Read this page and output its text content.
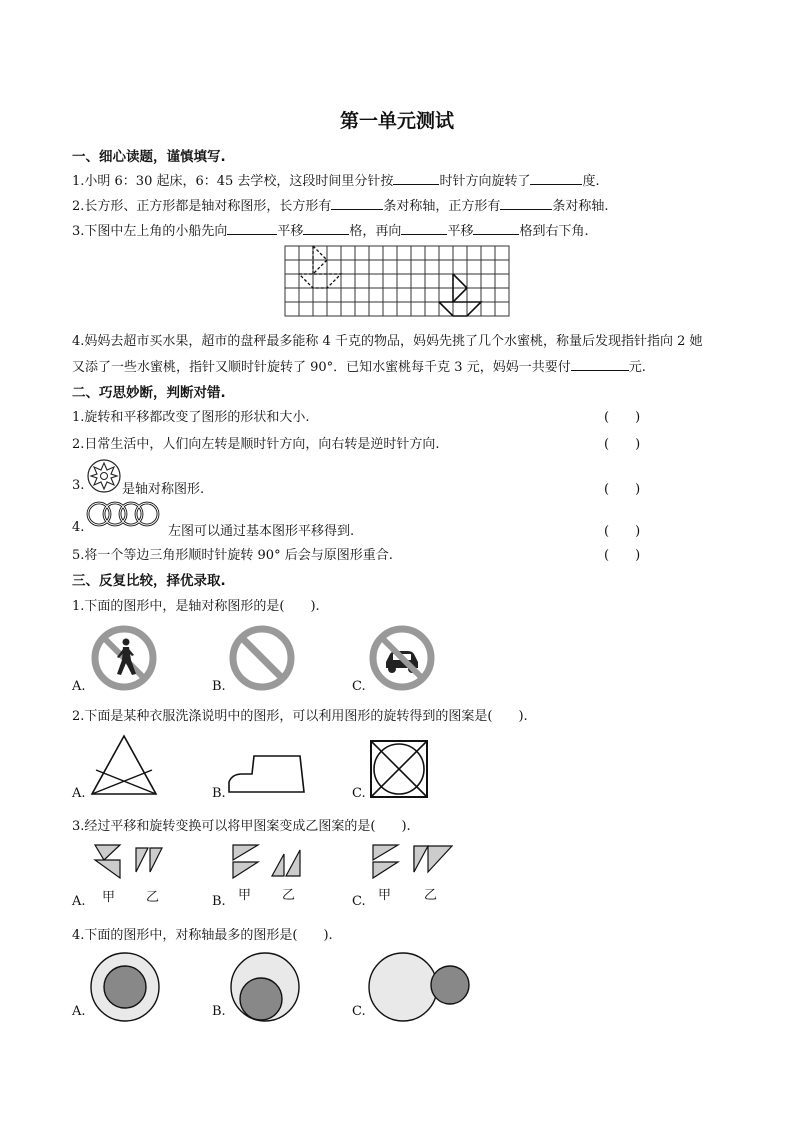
第一单元测试
一、细心读题，谨慎填写.
1.小明 6：30 起床，6：45 去学校，这段时间里分针按	时针方向旋转了	度.
2.长方形、正方形都是轴对称图形，长方形有	条对称轴，正方形有	条对称轴.
3.下图中左上角的小船先向	平移	格，再向	平移	格到右下角.
4.妈妈去超市买水果，超市的盘秤最多能称 4 千克的物品，妈妈先挑了几个水蜜桃，称量后发现指针指向 2 她
又添了一些水蜜桃，指针又顺时针旋转了 90°．已知水蜜桃每千克 3 元，妈妈一共要付	元.
二、巧思妙断，判断对错.
1.旋转和平移都改变了图形的形状和大小.	(　　)
2.日常生活中，人们向左转是顺时针方向，向右转是逆时针方向.	(　　)
3.	是轴对称图形.	(　　)
4.	左图可以通过基本图形平移得到.	(　　)
5.将一个等边三角形顺时针旋转 90° 后会与原图形重合.	(　　)
三、反复比较，择优录取.
1.下面的图形中，是轴对称图形的是(　　).
A.	B.	C.
2.下面是某种衣服洗涤说明中的图形，可以利用图形的旋转得到的图案是(　　).
A.	B.	C.
3.经过平移和旋转变换可以将甲图案变成乙图案的是(　　).
A. 甲 乙	B. 甲 乙	C. 甲	乙
4.下面的图形中，对称轴最多的图形是(　　).
A.	B.	C.
